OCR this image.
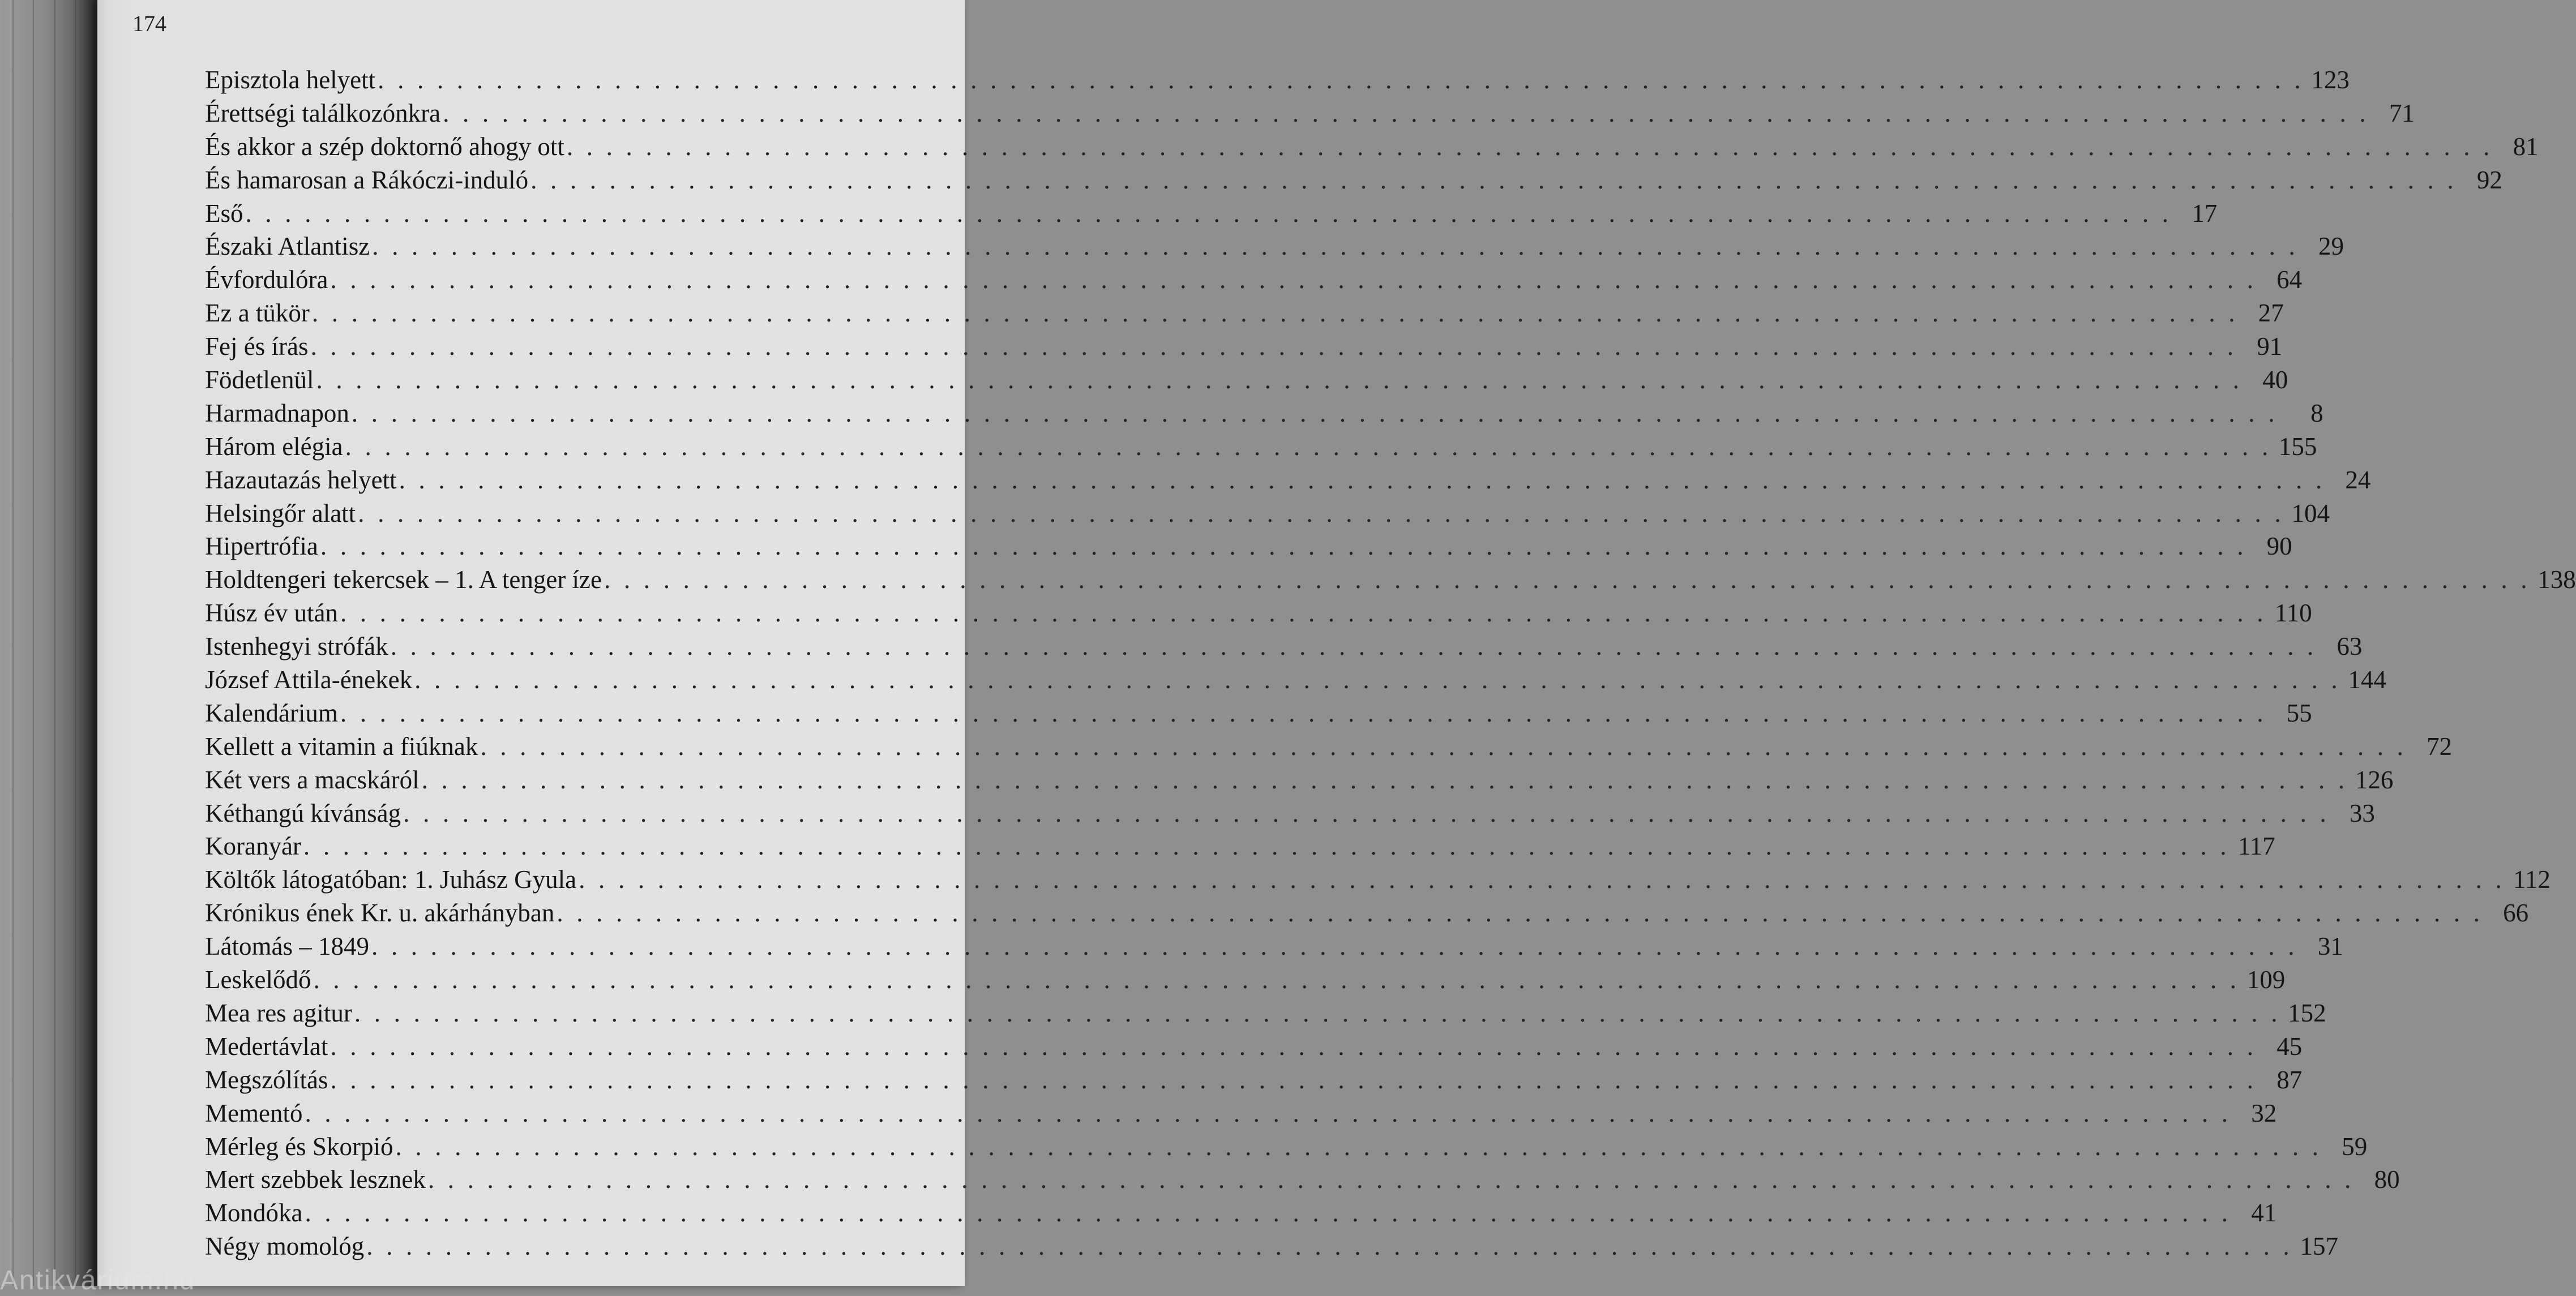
174
Episztola helyett . . .	123
Érettségi találkozónkra . . .	71
És akkor a szép doktornő ahogy ott . . .	81
És hamarosan a Rákóczi-induló . . .	92
Eső . . .	17
Északi Atlantisz . . .	29
Évfordulóra . . .	64
Ez a tükör . . .	27
Fej és írás . . .	91
Födetlenül . . .	40
Harmadnapon . . .	8
Három elégia . . .	155
Hazautazás helyett . . .	24
Helsingőr alatt . . .	104
Hipertrófia . . .	90
Holdtengeri tekercsek – 1. A tenger íze . . .	138
Húsz év után . . .	110
Istenhegyi strófák . . .	63
József Attila-énekek . . .	144
Kalendárium . . .	55
Kellett a vitamin a fiúknak . . .	72
Két vers a macskáról . . .	126
Kéthangú kívánság . . .	33
Koranyár . . .	117
Költők látogatóban: 1. Juhász Gyula . . .	112
Krónikus ének Kr. u. akárhányban . . .	66
Látomás – 1849 . . .	31
Leskelődő . . .	109
Mea res agitur . . .	152
Medertávlat . . .	45
Megszólítás . . .	87
Mementó . . .	32
Mérleg és Skorpió . . .	59
Mert szebbek lesznek . . .	80
Mondóka . . .	41
Négy momológ . . .	157
Antikvárium.hu
